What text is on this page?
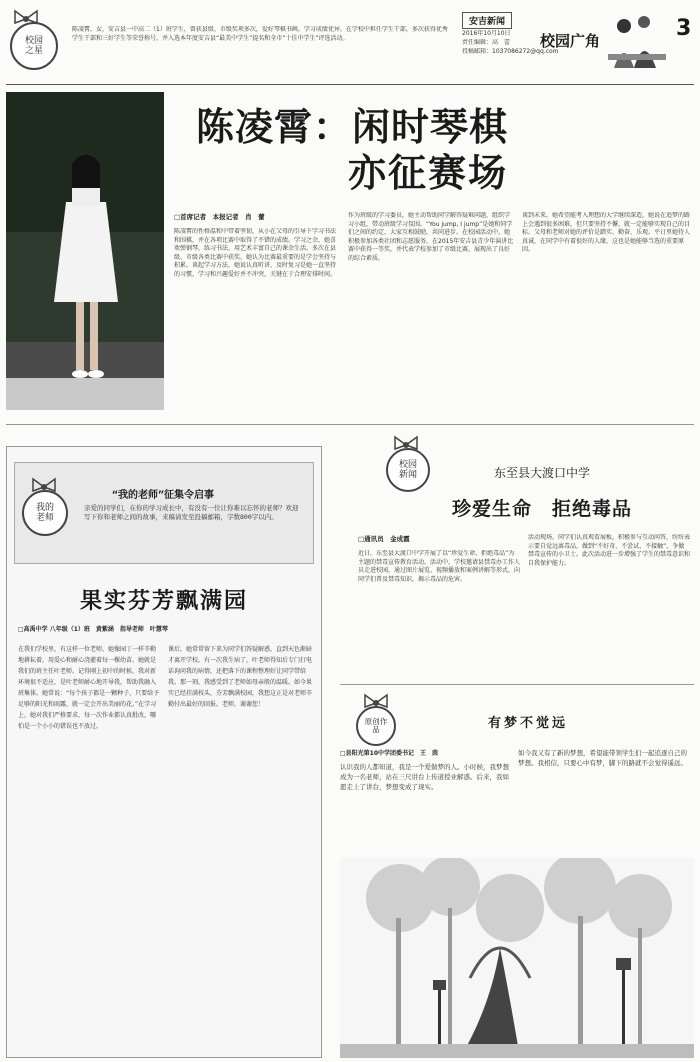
校园之星
陈凌霄，女，安吉县一中高二（1）班学生，曾获县级、市级奖项多次，爱好琴棋书画，学习成绩优异。在学校中担任学生干部，多次获得优秀学生干部和三好学生等荣誉称号，并入选本年度安吉县“最美中学生”提名和全市“十佳中学生”评选活动。
安吉新闻
2016年10月10日
责任编辑：高　蕾
投稿邮箱：1037086272@qq.com
校园广角	3
陈凌霄：闲时琴棋
亦征赛场
□首席记者　本报记者　肖　蕾
陈凌霄的性格温和中带着坚韧，从小在父母的引导下学习书法和围棋，并在各项比赛中取得了不错的成绩。学习之余，她喜欢弹钢琴，练习书法，用艺术丰富自己的课余生活。多次在县级、市级各类比赛中获奖，她认为比赛最重要的是学会坚持与积累。谈起学习方法，她说认真听讲、及时复习是她一直坚持的习惯，学习和兴趣爱好并不冲突，关键在于合理安排时间。
作为班级的学习委员，她主动帮助同学解答疑难问题，组织学习小组，带动班级学习氛围。“You jump, I jump”是她和同学们之间的约定，大家互相鼓励，共同进步。在校园活动中，她积极参加各类社团和志愿服务，在2015年安吉县青少年演讲比赛中获得一等奖，并代表学校参加了市级比赛，展现出了良好的综合素质。
谈到未来，她希望能考入理想的大学继续深造，她说在追梦的路上会遇到很多困难，但只要坚持不懈，就一定能够实现自己的目标。父母和老师对她的评价是踏实、勤奋、乐观。平日里她待人真诚，在同学中有着很好的人缘，这也是她能够当选的重要原因。
我的老师
“我的老师”征集令启事
亲爱的同学们，在你的学习成长中，有没有一位让你难以忘怀的老师？欢迎写下你和老师之间的故事，来稿请发至投稿邮箱，字数800字以内。
果实芬芳飘满园
□高禹中学 八年级（1）班　黄紫涵　指导老师　叶慧琴
在我们学校里，有这样一位老师，她像园丁一样辛勤地耕耘着，用爱心和耐心浇灌着每一棵幼苗。她就是我们的班主任叶老师。记得刚上初中的时候，我对新环境很不适应，是叶老师耐心地开导我，帮助我融入班集体。她常说：“每个孩子都是一颗种子，只要给予足够的阳光和雨露，就一定会开出美丽的花。”在学习上，她对我们严格要求，每一次作业都认真批改，哪怕是一个小小的错误也不放过。
课后，她常常留下来为同学们答疑解惑，直到天色渐暗才离开学校。有一次我生病了，叶老师得知后专门打电话询问我的病情，还把落下的课程整理好让同学带给我。那一刻，我感受到了老师如母亲般的温暖。如今果实已经挂满枝头，芬芳飘满校园，我想这正是对老师辛勤付出最好的回报。老师，谢谢您！
校园新闻	东至县大渡口中学
珍爱生命　拒绝毒品
□通讯员　金成霞
近日，东至县大渡口中学开展了以“珍爱生命，拒绝毒品”为主题的禁毒宣传教育活动。活动中，学校邀请县禁毒办工作人员走进校园，通过图片展览、视频播放和案例讲解等形式，向同学们普及禁毒知识，揭示毒品的危害。
活动现场，同学们认真观看展板，积极参与互动问答，纷纷表示要自觉远离毒品，做到“不好奇、不尝试、不接触”，争做禁毒宣传的小卫士。此次活动进一步增强了学生的禁毒意识和自我保护能力。
原创作品	有梦不觉远
□县阳光第10中学团委书记　王　茵
认识我的人都知道，我是一个爱做梦的人。小时候，我梦想成为一名老师，站在三尺讲台上传道授业解惑。后来，我如愿走上了讲台，梦想变成了现实。
如今我又有了新的梦想，希望能带领学生们一起追逐自己的梦想。我相信，只要心中有梦，脚下的路就不会觉得遥远。
